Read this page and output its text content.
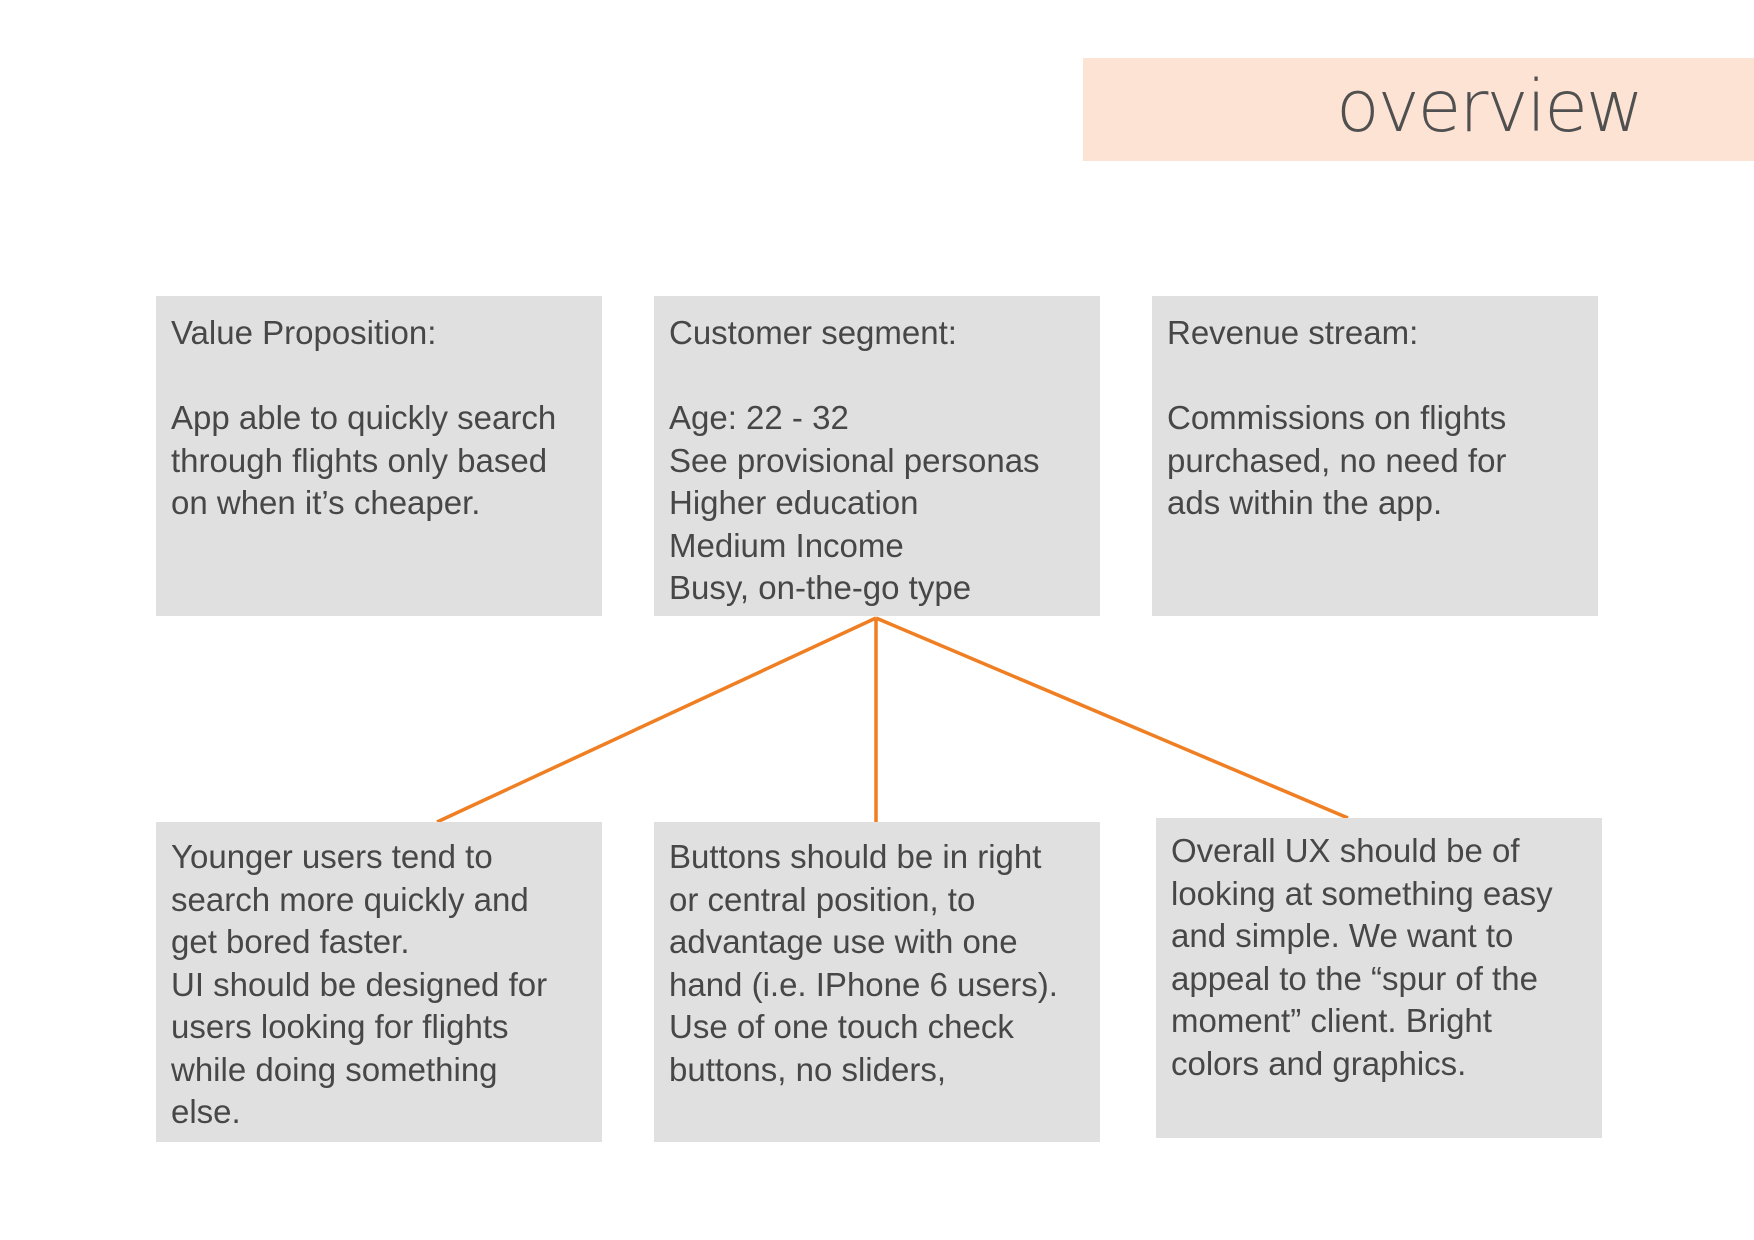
overview
Value Proposition:

App able to quickly search
through flights only based
on when it’s cheaper.
Customer segment:

Age: 22 - 32
See provisional personas
Higher education
Medium Income
Busy, on-the-go type
Revenue stream:

Commissions on flights
purchased, no need for
ads within the app.
Younger users tend to
search more quickly and
get bored faster.
UI should be designed for
users looking for flights
while doing something
else.
Buttons should be in right
or central position, to
advantage use with one
hand (i.e. IPhone 6 users).
Use of one touch check
buttons, no sliders,
Overall UX should be of
looking at something easy
and simple. We want to
appeal to the “spur of the
moment” client. Bright
colors and graphics.
